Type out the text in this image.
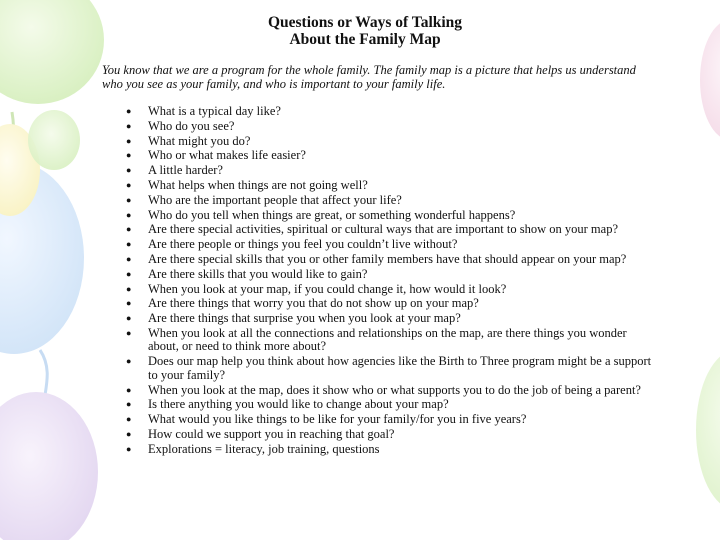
Questions or Ways of Talking
About the Family Map
You know that we are a program for the whole family. The family map is a picture that helps us understand who you see as your family, and who is important to your family life.
● What is a typical day like?
● Who do you see?
● What might you do?
● Who or what makes life easier?
● A little harder?
● What helps when things are not going well?
● Who are the important people that affect your life?
● Who do you tell when things are great, or something wonderful happens?
● Are there special activities, spiritual or cultural ways that are important to show on your map?
● Are there people or things you feel you couldn’t live without?
● Are there special skills that you or other family members have that should appear on your map?
● Are there skills that you would like to gain?
● When you look at your map, if you could change it, how would it look?
● Are there things that worry you that do not show up on your map?
● Are there things that surprise you when you look at your map?
● When you look at all the connections and relationships on the map, are there things you wonder about, or need to think more about?
● Does our map help you think about how agencies like the Birth to Three program might be a support to your family?
● When you look at the map, does it show who or what supports you to do the job of being a parent?
● Is there anything you would like to change about your map?
● What would you like things to be like for your family/for you in five years?
● How could we support you in reaching that goal?
● Explorations = literacy, job training, questions
